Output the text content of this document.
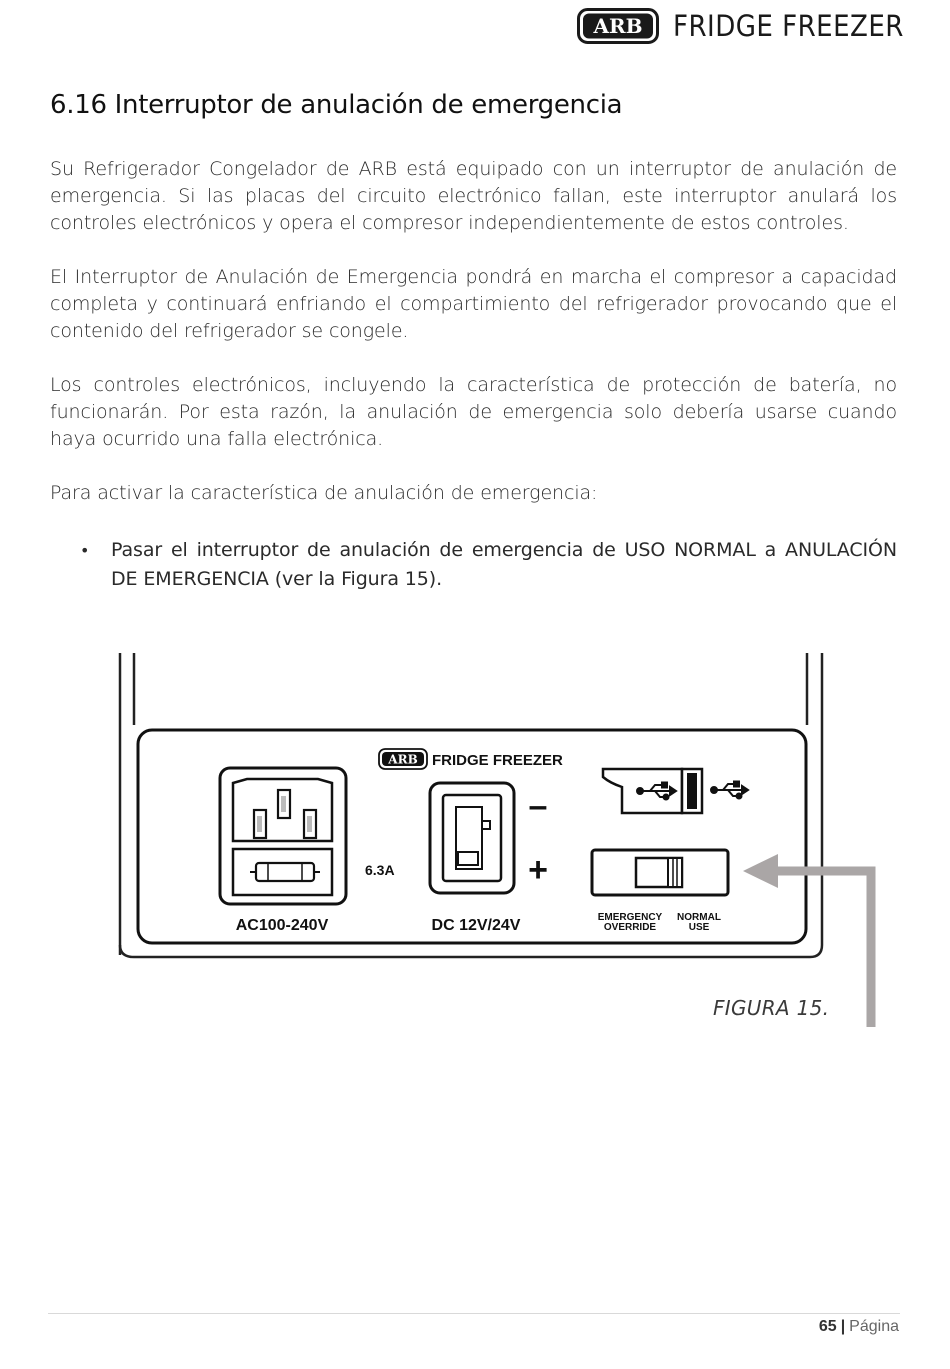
ARB FRIDGE FREEZER
6.16 Interruptor de anulación de emergencia

Su Refrigerador Congelador de ARB está equipado con un interruptor de anulación de emergencia. Si las placas del circuito electrónico fallan, este interruptor anulará los controles electrónicos y opera el compresor independientemente de estos controles.

El Interruptor de Anulación de Emergencia pondrá en marcha el compresor a capacidad completa y continuará enfriando el compartimiento del refrigerador provocando que el contenido del refrigerador se congele.

Los controles electrónicos, incluyendo la característica de protección de batería, no funcionarán. Por esta razón, la anulación de emergencia solo debería usarse cuando haya ocurrido una falla electrónica.

Para activar la característica de anulación de emergencia:

• Pasar el interruptor de anulación de emergencia de USO NORMAL a ANULACIÓN DE EMERGENCIA (ver la Figura 15).
ARB FRIDGE FREEZER
6.3A
AC100-240V
–
+
DC 12V/24V	EMERGENCY
OVERRIDE
NORMAL
USE
FIGURA 15.
65 | Página
